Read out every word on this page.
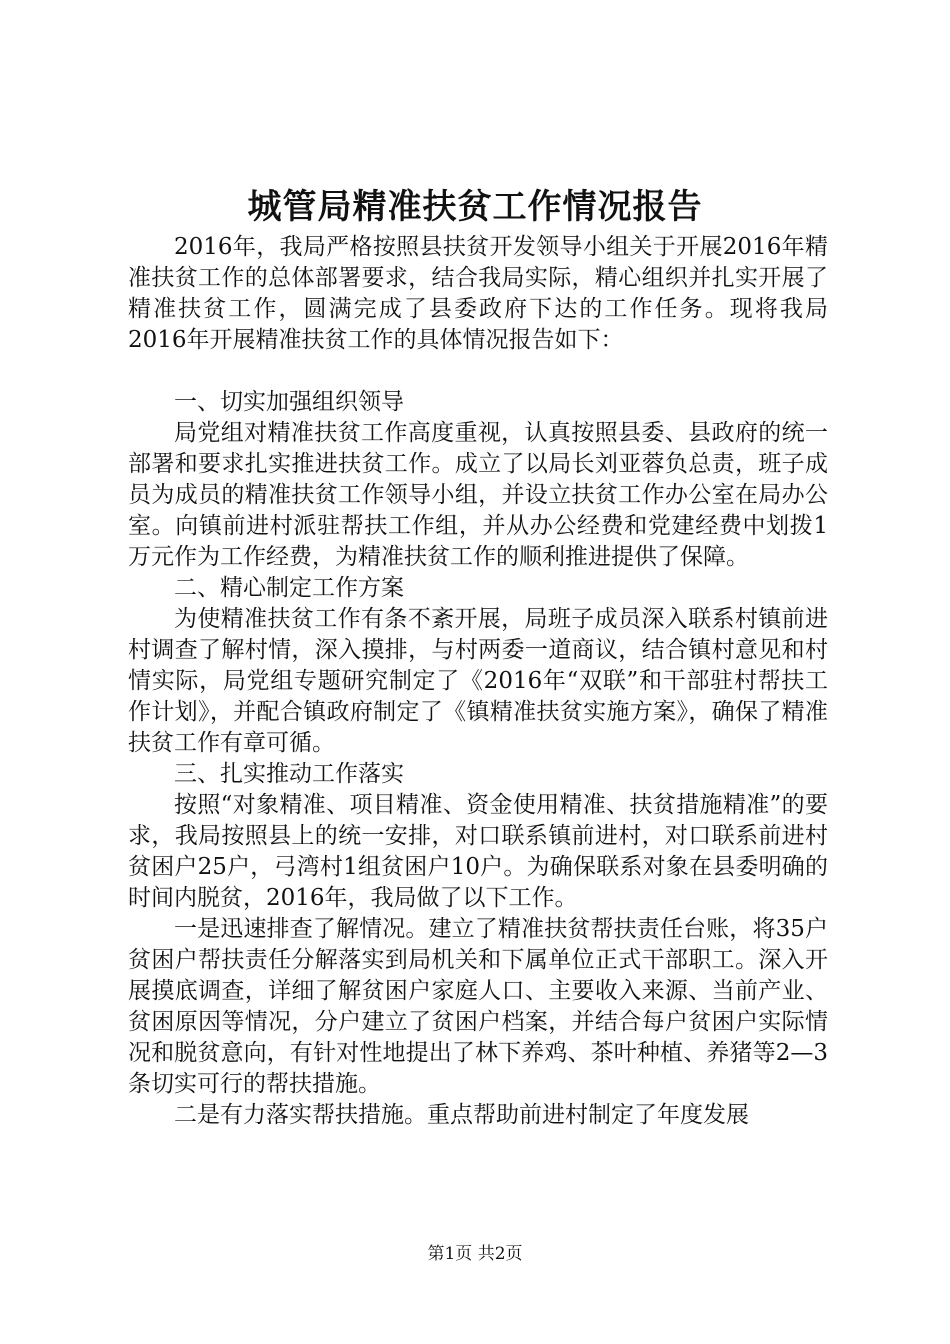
城管局精准扶贫工作情况报告

2016年，我局严格按照县扶贫开发领导小组关于开展2016年精准扶贫工作的总体部署要求，结合我局实际，精心组织并扎实开展了精准扶贫工作，圆满完成了县委政府下达的工作任务。现将我局2016年开展精准扶贫工作的具体情况报告如下：

一、切实加强组织领导

局党组对精准扶贫工作高度重视，认真按照县委、县政府的统一部署和要求扎实推进扶贫工作。成立了以局长刘亚蓉负总责，班子成员为成员的精准扶贫工作领导小组，并设立扶贫工作办公室在局办公室。向镇前进村派驻帮扶工作组，并从办公经费和党建经费中划拨1万元作为工作经费，为精准扶贫工作的顺利推进提供了保障。

二、精心制定工作方案

为使精准扶贫工作有条不紊开展，局班子成员深入联系村镇前进村调查了解村情，深入摸排，与村两委一道商议，结合镇村意见和村情实际，局党组专题研究制定了《2016年“双联”和干部驻村帮扶工作计划》，并配合镇政府制定了《镇精准扶贫实施方案》，确保了精准扶贫工作有章可循。

三、扎实推动工作落实

按照“对象精准、项目精准、资金使用精准、扶贫措施精准”的要求，我局按照县上的统一安排，对口联系镇前进村，对口联系前进村贫困户25户，弓湾村1组贫困户10户。为确保联系对象在县委明确的时间内脱贫，2016年，我局做了以下工作。

一是迅速排查了解情况。建立了精准扶贫帮扶责任台账，将35户贫困户帮扶责任分解落实到局机关和下属单位正式干部职工。深入开展摸底调查，详细了解贫困户家庭人口、主要收入来源、当前产业、贫困原因等情况，分户建立了贫困户档案，并结合每户贫困户实际情况和脱贫意向，有针对性地提出了林下养鸡、茶叶种植、养猪等2—3条切实可行的帮扶措施。

二是有力落实帮扶措施。重点帮助前进村制定了年度发展

第1页 共2页
